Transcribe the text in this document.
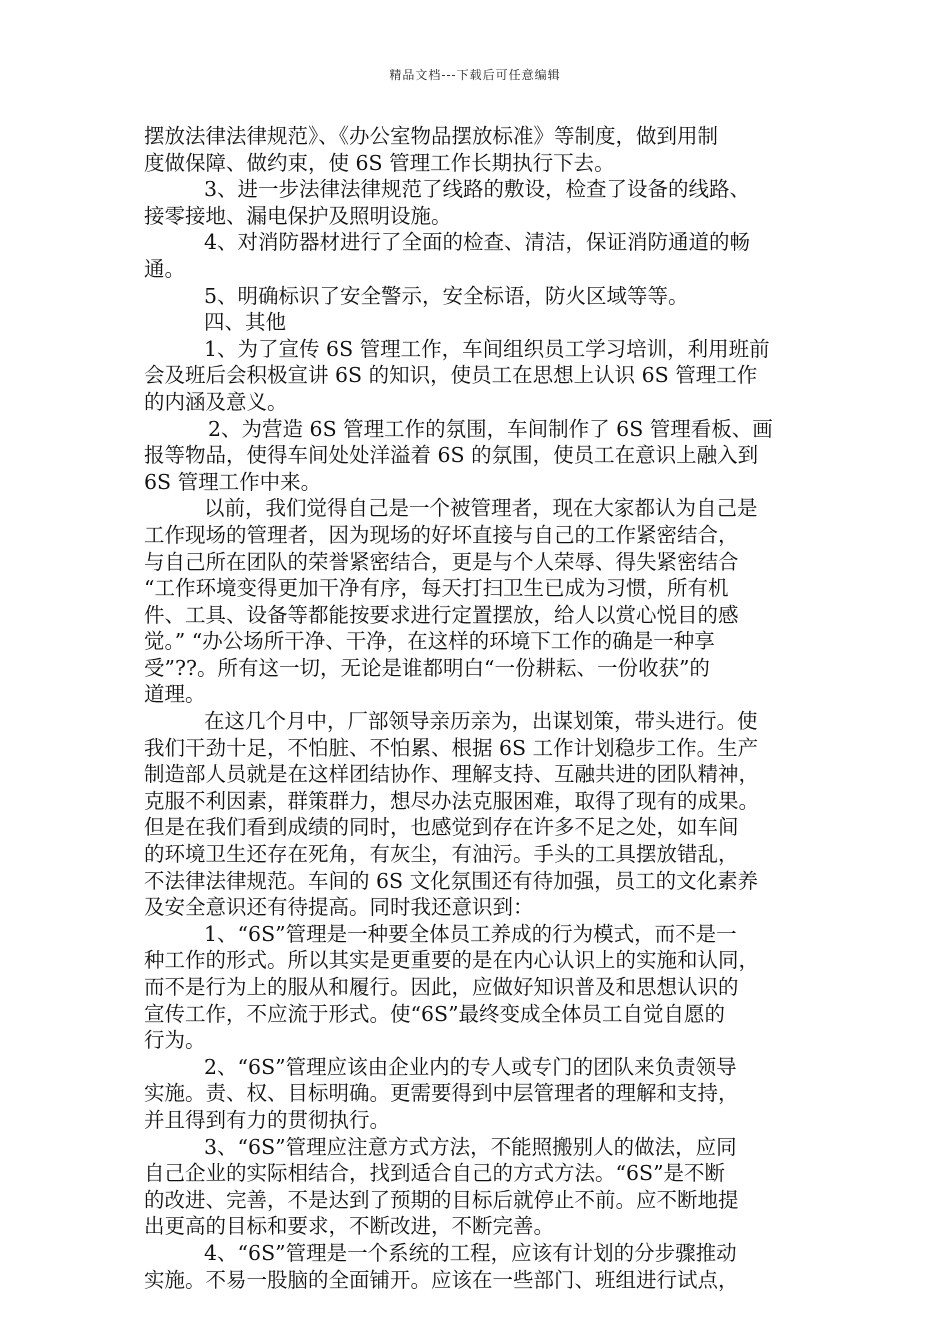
精品文档---下载后可任意编辑
摆放法律法律规范》、《办公室物品摆放标准》等制度，做到用制
度做保障、做约束，使 6S 管理工作长期执行下去。
3、进一步法律法律规范了线路的敷设，检查了设备的线路、
接零接地、漏电保护及照明设施。
4、对消防器材进行了全面的检查、清洁，保证消防通道的畅
通。
5、明确标识了安全警示，安全标语，防火区域等等。
四、其他
1、为了宣传 6S 管理工作，车间组织员工学习培训，利用班前
会及班后会积极宣讲 6S 的知识，使员工在思想上认识 6S 管理工作
的内涵及意义。
2、为营造 6S 管理工作的氛围，车间制作了 6S 管理看板、画
报等物品，使得车间处处洋溢着 6S 的氛围，使员工在意识上融入到
6S 管理工作中来。
以前，我们觉得自己是一个被管理者，现在大家都认为自己是
工作现场的管理者，因为现场的好坏直接与自己的工作紧密结合，
与自己所在团队的荣誉紧密结合，更是与个人荣辱、得失紧密结合
“工作环境变得更加干净有序，每天打扫卫生已成为习惯，所有机
件、工具、设备等都能按要求进行定置摆放，给人以赏心悦目的感
觉。” “办公场所干净、干净，在这样的环境下工作的确是一种享
受”??。所有这一切，无论是谁都明白“一份耕耘、一份收获”的
道理。
在这几个月中，厂部领导亲历亲为，出谋划策，带头进行。使
我们干劲十足，不怕脏、不怕累、根据 6S 工作计划稳步工作。生产
制造部人员就是在这样团结协作、理解支持、互融共进的团队精神，
克服不利因素，群策群力，想尽办法克服困难，取得了现有的成果。
但是在我们看到成绩的同时，也感觉到存在许多不足之处，如车间
的环境卫生还存在死角，有灰尘，有油污。手头的工具摆放错乱，
不法律法律规范。车间的 6S 文化氛围还有待加强，员工的文化素养
及安全意识还有待提高。同时我还意识到：
1、“6S”管理是一种要全体员工养成的行为模式，而不是一
种工作的形式。所以其实是更重要的是在内心认识上的实施和认同，
而不是行为上的服从和履行。因此，应做好知识普及和思想认识的
宣传工作，不应流于形式。使“6S”最终变成全体员工自觉自愿的
行为。
2、“6S”管理应该由企业内的专人或专门的团队来负责领导
实施。责、权、目标明确。更需要得到中层管理者的理解和支持，
并且得到有力的贯彻执行。
3、“6S”管理应注意方式方法，不能照搬别人的做法，应同
自己企业的实际相结合，找到适合自己的方式方法。“6S”是不断
的改进、完善，不是达到了预期的目标后就停止不前。应不断地提
出更高的目标和要求，不断改进，不断完善。
4、“6S”管理是一个系统的工程，应该有计划的分步骤推动
实施。不易一股脑的全面铺开。应该在一些部门、班组进行试点，
